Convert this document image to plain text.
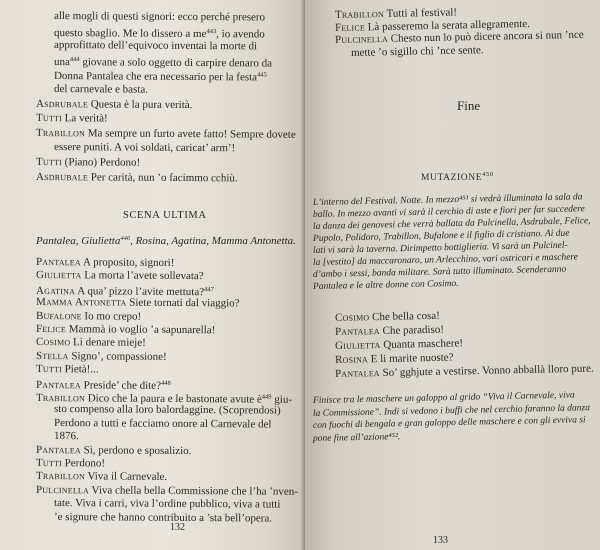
alle mogli di questi signori: ecco perché presero
questo sbaglio. Me lo dissero a $me^{443}$, io avendo
approfittato dell’equivoco inventai la morte di
una$^{444}$ giovane a solo oggetto di carpire denaro da
Donna Pantalea che era necessario per la festa$^{445}$
del carnevale e basta.
Asdrubale Questa è la pura verità.
Tutti La verità!
Trabillon Ma sempre un furto avete fatto! Sempre dovete
essere puniti. A voi soldati, caricat’ arm’!
Tutti (Piano) Perdono!
Asdrubale Per carità, nun ’o facimmo cchiù.
SCENA ULTIMA
Pantalea, Giulietta$^{446}$, Rosina, Agatina, Mamma Antonetta.
Pantalea A proposito, signori!
Giulietta La morta l’avete sollevata?
Agatina A qua’ pizzo l’avite mettuta?$^{447}$
Mamma Antonetta Siete tornati dal viaggio?
Bufalone Io mo crepo!
Felice Mammà io voglio ’a sapunarella!
Cosimo Li denare mieje!
Stella Signo’, compassione!
Tutti Pietà!...
Pantalea Preside’ che dite?$^{448}$
Trabillon Dico che la paura e le bastonate avute $è^{449}$ giu-
sto compenso alla loro balordaggine. (Scoprendosi)
Perdono a tutti e facciamo onore al Carnevale del
1876.
Pantalea Sì, perdono e sposalizio.
Tutti Perdono!
Trabillon Viva il Carnevale.
Pulcinella Viva chella bella Commissione che l’ha ’nven-
tate. Viva i carri, viva l’ordine pubblico, viva a tutti
’e signure che hanno contribuito a ’sta bell’opera.
132
Trabillon Tutti al festival!
Felice Là passeremo la serata allegramente.
Pulcinella Chesto nun lo può dicere ancora si nun ’nce
mette ’o sigillo chi ’nce sente.
Fine
MUTAZIONE$^{450}$
L’interno del Festival. Notte. In mezzo⁴⁵¹ si vedrà illuminata la sala da
ballo. In mezzo avanti vi sarà il cerchio di aste e fiori per far succedere
la danza dei genovesi che verrà ballata da Pulcinella, Asdrubale, Felice,
Pupolo, Polidoro, Trabillon, Bufalone e il figlio di cristiano. Ai due
lati vi sarà la taverna. Dirimpetto bottiglieria. Vi sarà un Pulcinel-
la [vestito] da maccaronaro, un Arlecchino, vari ostricari e maschere
d’ambo i sessi, banda militare. Sarà tutto illuminato. Scenderanno
Pantalea e le altre donne con Cosimo.
Cosimo Che bella cosa!
Pantalea Che paradiso!
Giulietta Quanta maschere!
Rosina E li marite nuoste?
Pantalea So’ gghjute a vestirse. Vonno abballà lloro pure.
Finisce tra le maschere un galoppo al grido “Viva il Carnevale, viva
la Commissione”. Indi si vedono i buffi che nel cerchio faranno la danza
con fuochi di bengala e gran galoppo delle maschere e con gli evviva si
pone fine all’azione⁴⁵².
133
